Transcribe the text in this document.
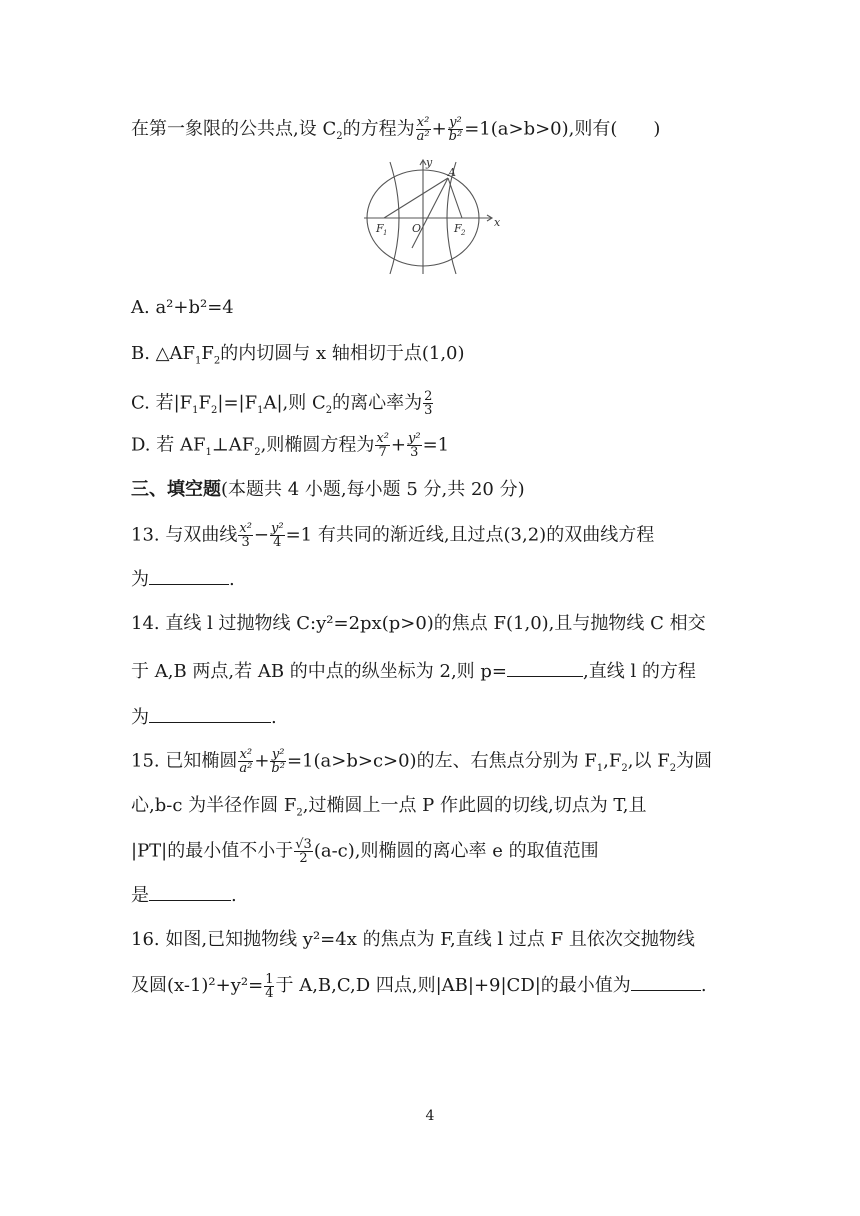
在第一象限的公共点,设 $C_2$的方程为 $\frac{\text{x²}}{\text{a²}} + \frac{\text{y²}}{\text{b²}} =1(a>b>0)$,则有(　　)
y
x
A
F 1 O	F 2
A. a²+b²=4
B. $\triangle AF_1F_2$的内切圆与 x 轴相切于点(1,0)
C. 若$|F_1F_2|=|F_1A|$,则 $C_2$的离心率为 $\frac{2}{3}$
D. 若 $AF_1\perp AF_2$,则椭圆方程为 $\frac{\text{x²}}{7} + \frac{\text{y²}}{3} =1$
三、填空题(本题共 4 小题,每小题 5 分,共 20 分)
13. 与双曲线 $\frac{\text{x²}}{3} - \frac{\text{y²}}{4} =1$ 有共同的渐近线,且过点(3,2)的双曲线方程
为	.
14. 直线 l 过抛物线 C:y²=2px(p>0)的焦点 F(1,0),且与抛物线 C 相交
于 A,B 两点,若 AB 的中点的纵坐标为 2,则 p=	,直线 l 的方程
为	.
15. 已知椭圆 $\frac{\text{x²}}{\text{a²}} + \frac{\text{y²}}{\text{b²}} =1(a>b>c>0)$的左、右焦点分别为 $F_1,F_2$,以 $F_2$为圆
心,b-c 为半径作圆 $F_2$,过椭圆上一点 P 作此圆的切线,切点为 T,且
|PT|的最小值不小于 $\frac{√3}{2} (a-c)$,则椭圆的离心率 e 的取值范围
是	.
16. 如图,已知抛物线 y²=4x 的焦点为 F,直线 l 过点 F 且依次交抛物线
及圆$(x-1)^2+y^2= \frac{1}{4}$ 于 A,B,C,D 四点,则|AB|+9|CD|的最小值为	.
4
